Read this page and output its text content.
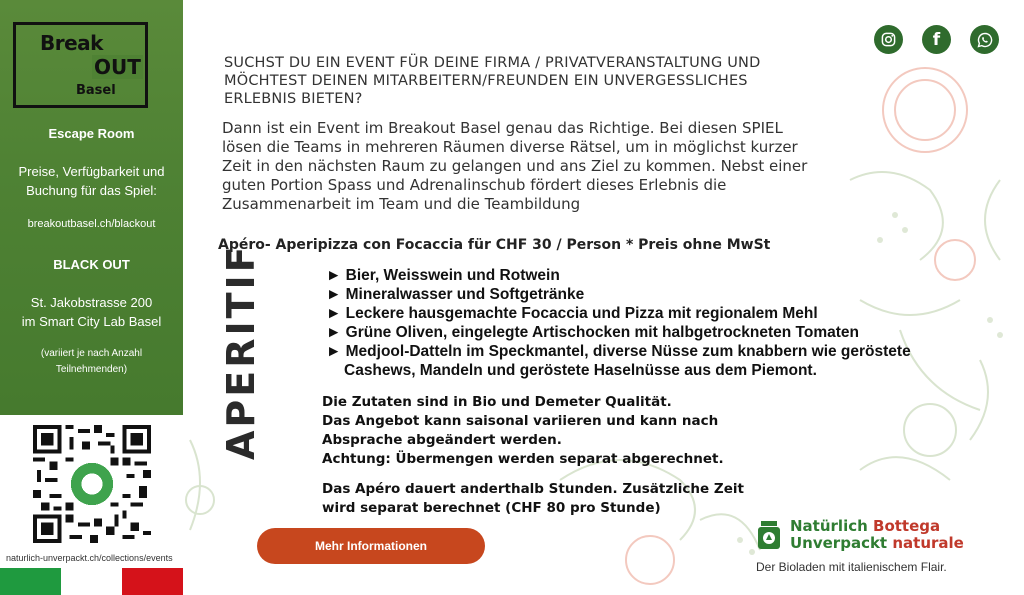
Break
OUT
Basel
Escape Room
Preise, Verfügbarkeit und
Buchung für das Spiel:
breakoutbasel.ch/blackout
BLACK OUT
St. Jakobstrasse 200
im Smart City Lab Basel
(variiert je nach Anzahl
Teilnehmenden)
naturlich-unverpackt.ch/collections/events
f
SUCHST DU EIN EVENT FÜR DEINE FIRMA / PRIVATVERANSTALTUNG UND
MÖCHTEST DEINEN MITARBEITERN/FREUNDEN EIN UNVERGESSLICHES
ERLEBNIS BIETEN?
Dann ist ein Event im Breakout Basel genau das Richtige. Bei diesen SPIEL
lösen die Teams in mehreren Räumen diverse Rätsel, um in möglichst kurzer
Zeit in den nächsten Raum zu gelangen und ans Ziel zu kommen. Nebst einer
guten Portion Spass und Adrenalinschub fördert dieses Erlebnis die
Zusammenarbeit im Team und die Teambildung
Apéro- Aperipizza con Focaccia für CHF 30 / Person * Preis ohne MwSt
APERITIF	► Bier, Weisswein und Rotwein
► Mineralwasser und Softgetränke
► Leckere hausgemachte Focaccia und Pizza mit regionalem Mehl
► Grüne Oliven, eingelegte Artischocken mit halbgetrockneten Tomaten
► Medjool-Datteln im Speckmantel, diverse Nüsse zum knabbern wie geröstete
Cashews, Mandeln und geröstete Haselnüsse aus dem Piemont.

Die Zutaten sind in Bio und Demeter Qualität.

Das Angebot kann saisonal variieren und kann nach

Absprache abgeändert werden.

Achtung: Übermengen werden separat abgerechnet.

Das Apéro dauert anderthalb Stunden. Zusätzliche Zeit
wird separat berechnet (CHF 80 pro Stunde)
Mehr Informationen
Natürlich Bottega
Unverpackt naturale
Der Bioladen mit italienischem Flair.
